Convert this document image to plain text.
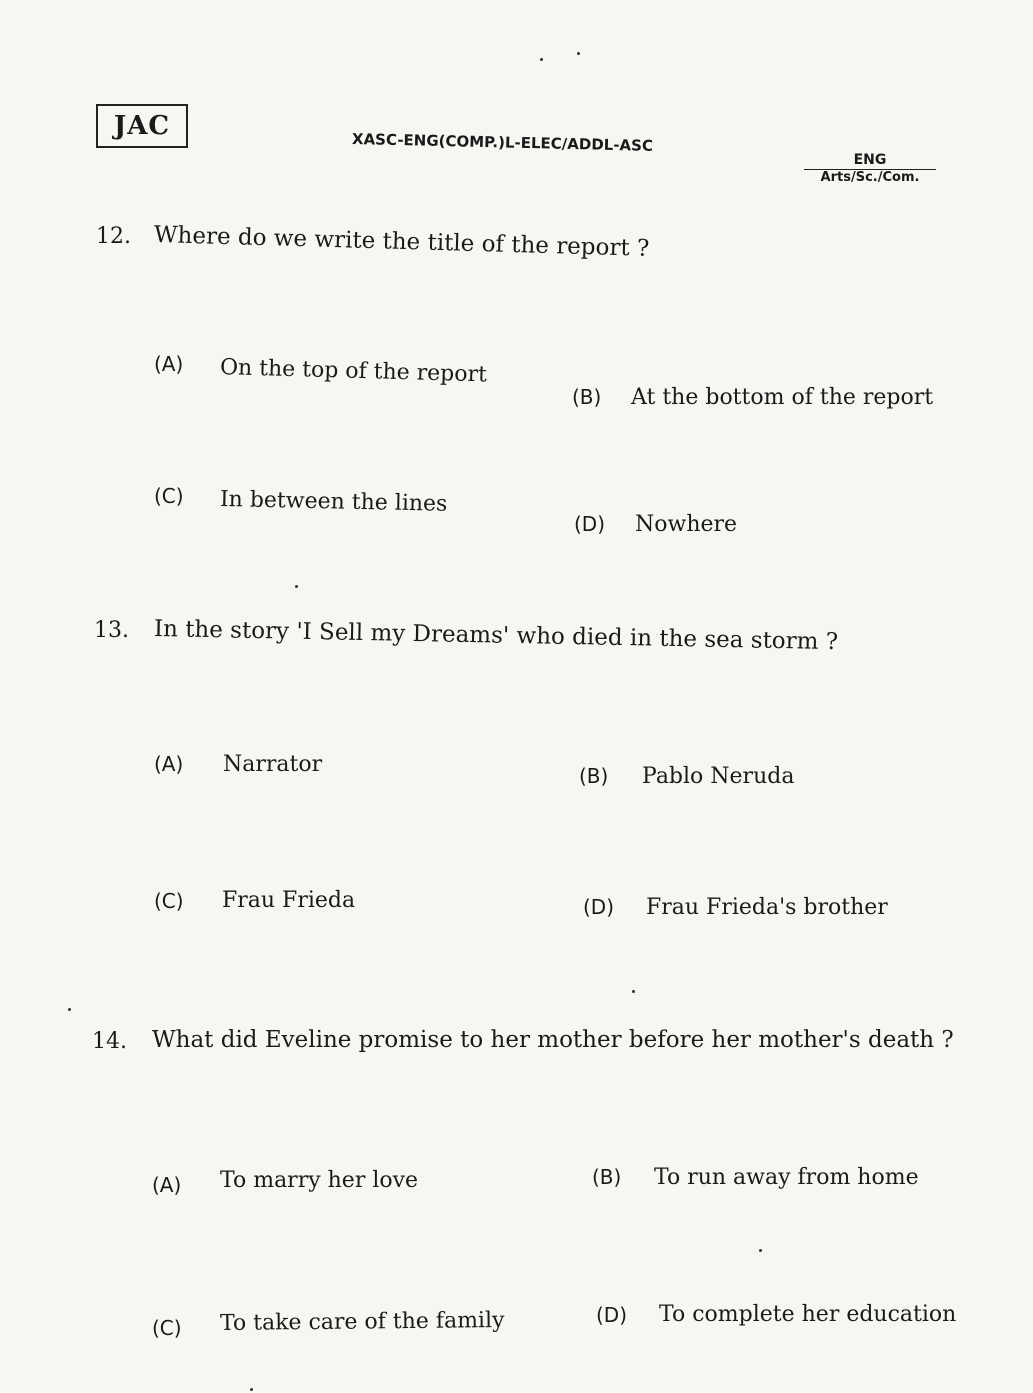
JAC
XASC-ENG(COMP.)L-ELEC/ADDL-ASC
ENG
Arts/Sc./Com.
12. Where do we write the title of the report ?
(A) On the top of the report
(B) At the bottom of the report
(C) In between the lines
(D) Nowhere
13. In the story 'I Sell my Dreams' who died in the sea storm ?
(A) Narrator	(B) Pablo Neruda
(C) Frau Frieda	(D) Frau Frieda's brother
14. What did Eveline promise to her mother before her mother's death ?
(A) To marry her love	(B) To run away from home
(C) To take care of the family	(D) To complete her education
